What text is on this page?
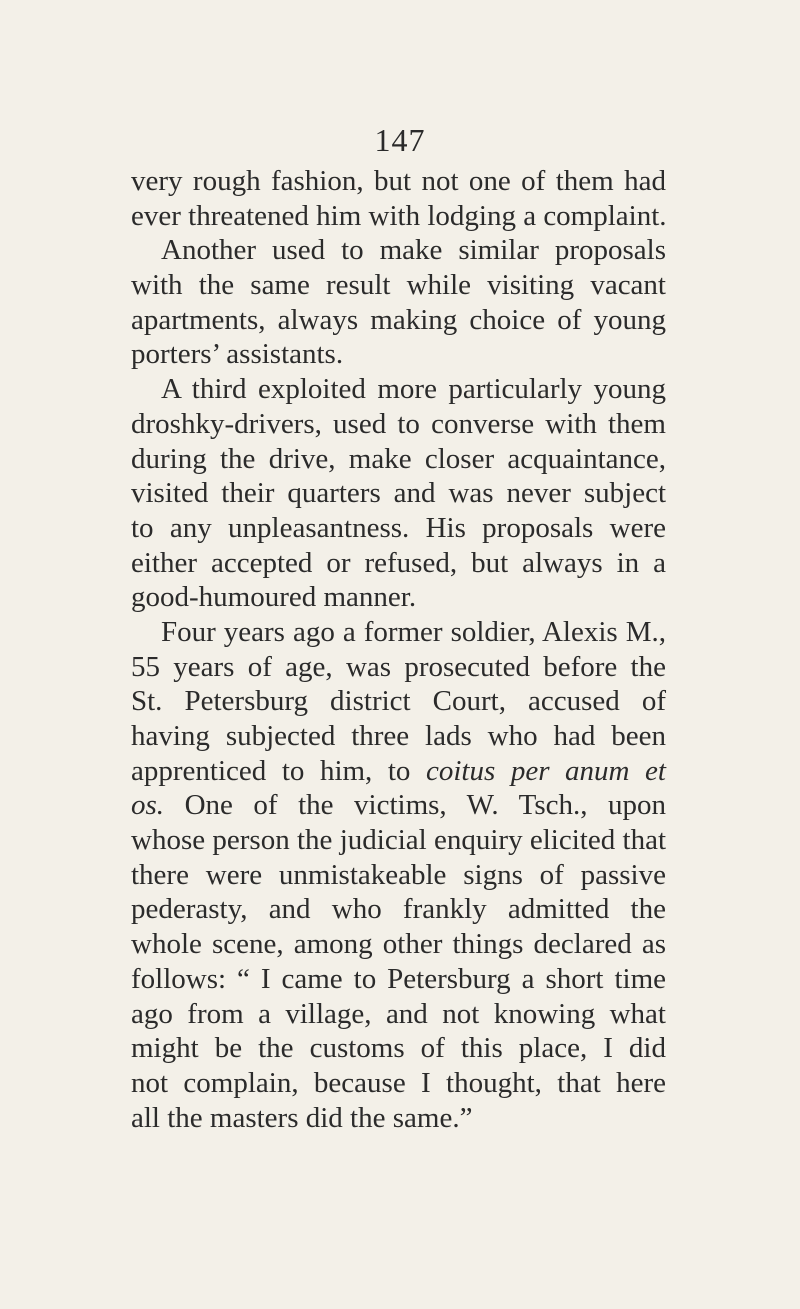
147
very rough fashion, but not one of them had
ever threatened him with lodging a complaint.
Another used to make similar proposals
with the same result while visiting vacant
apartments, always making choice of young
porters’ assistants.
A third exploited more particularly young
droshky-drivers, used to converse with them
during the drive, make closer acquaintance,
visited their quarters and was never subject
to any unpleasantness. His proposals were
either accepted or refused, but always in a
good-humoured manner.
Four years ago a former soldier, Alexis M.,
55 years of age, was prosecuted before the
St. Petersburg district Court, accused of
having subjected three lads who had been
apprenticed to him, to coitus per anum et
os. One of the victims, W. Tsch., upon
whose person the judicial enquiry elicited that
there were unmistakeable signs of passive
pederasty, and who frankly admitted the
whole scene, among other things declared as
follows: “ I came to Petersburg a short time
ago from a village, and not knowing what
might be the customs of this place, I did
not complain, because I thought, that here
all the masters did the same.”
